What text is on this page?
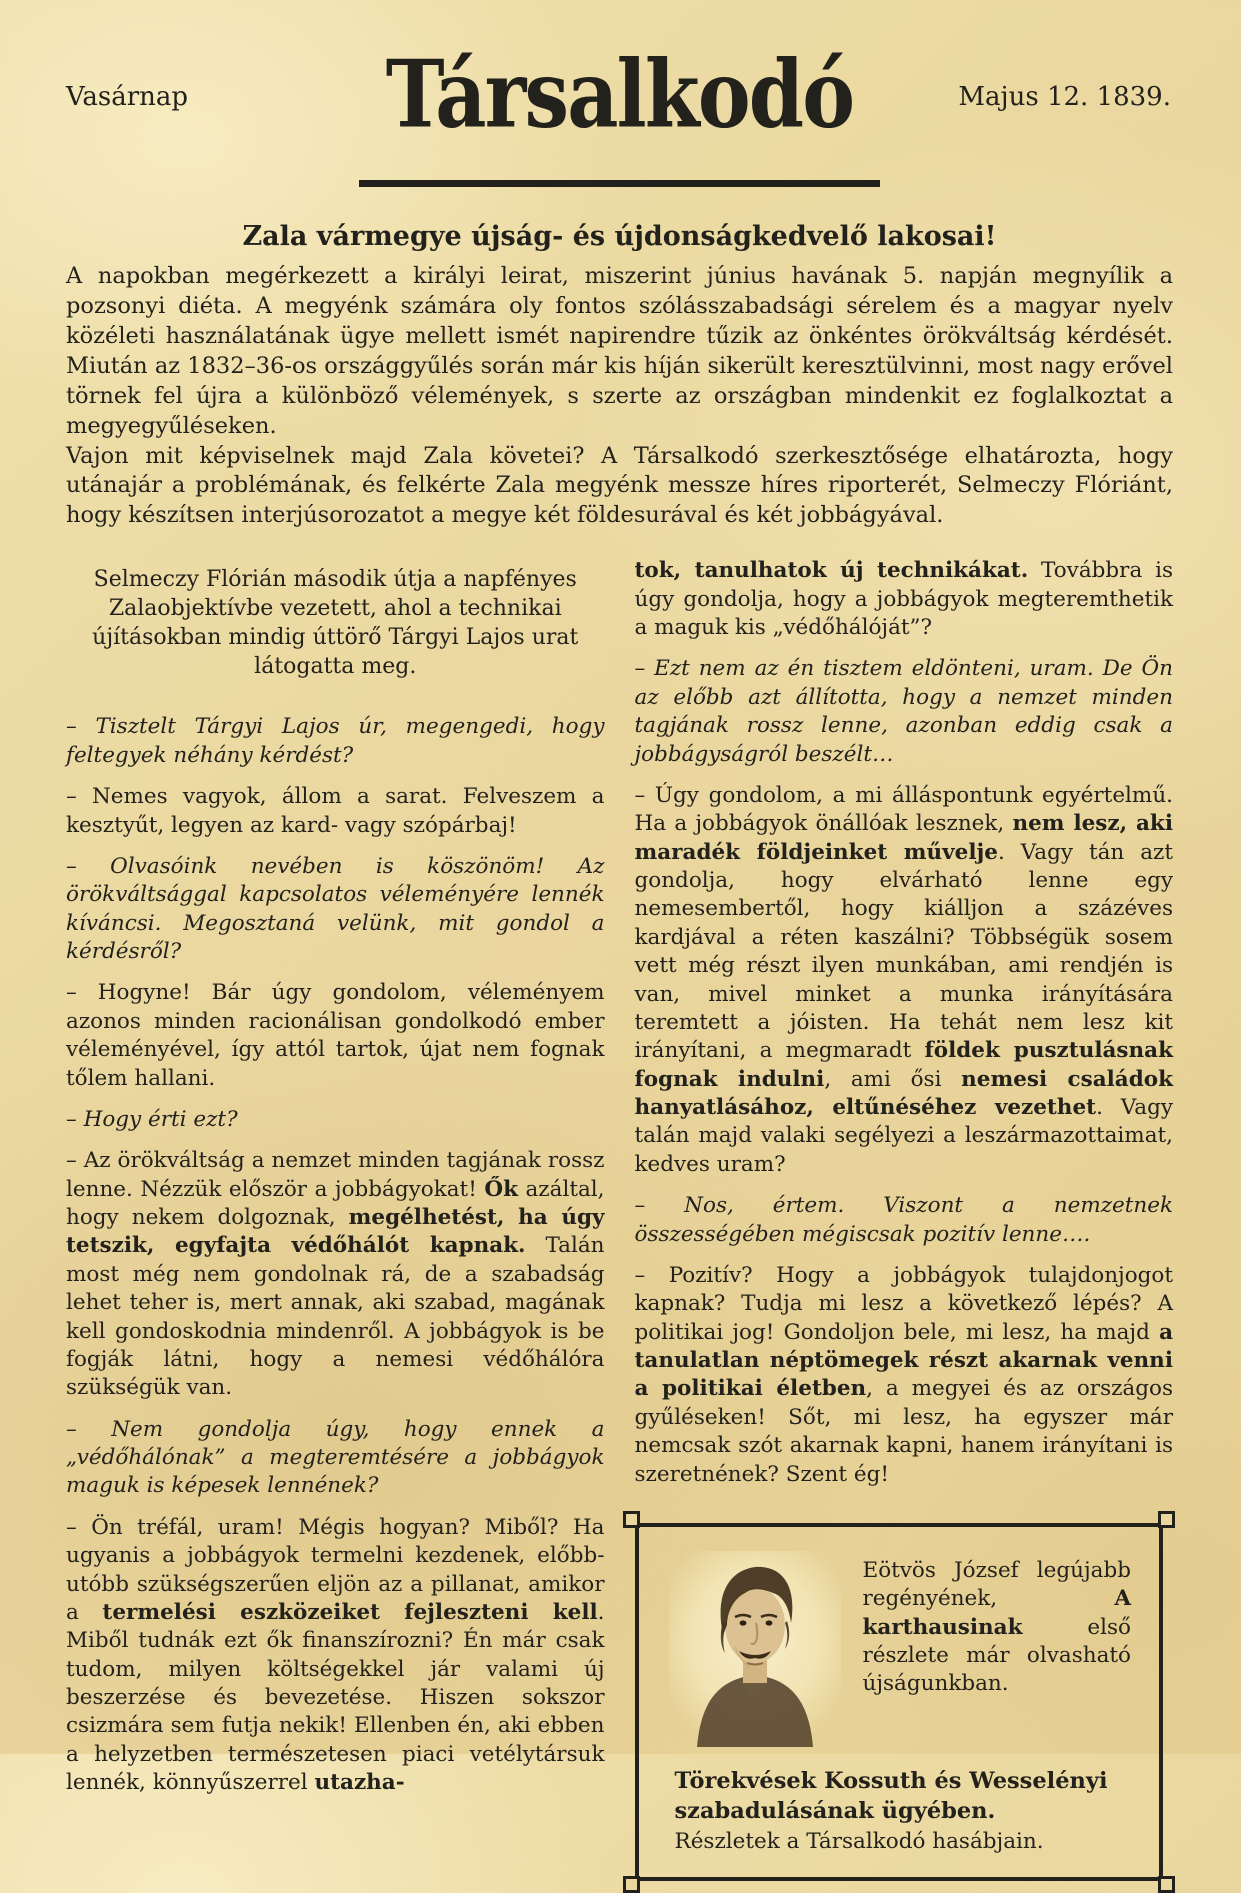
Vasárnap	Társalkodó	Majus 12. 1839.
Zala vármegye újság- és újdonságkedvelő lakosai!

A napokban megérkezett a királyi leirat, miszerint június havának 5. napján megnyílik a pozsonyi diéta. A megyénk számára oly fontos szólásszabadsági sérelem és a magyar nyelv közéleti használatának ügye mellett ismét napirendre tűzik az önkéntes örökváltság kérdését. Miután az 1832–36-os országgyűlés során már kis híján sikerült keresztülvinni, most nagy erővel törnek fel újra a különböző vélemények, s szerte az országban mindenkit ez foglalkoztat a megyegyűléseken.

Vajon mit képviselnek majd Zala követei? A Társalkodó szerkesztősége elhatározta, hogy utánajár a problémának, és felkérte Zala megyénk messze híres riporterét, Selmeczy Flóriánt, hogy készítsen interjúsorozatot a megye két földesurával és két jobbágyával.

Selmeczy Flórián második útja a napfényes Zalaobjektívbe vezetett, ahol a technikai újításokban mindig úttörő Tárgyi Lajos urat látogatta meg.

– Tisztelt Tárgyi Lajos úr, megengedi, hogy feltegyek néhány kérdést?

– Nemes vagyok, állom a sarat. Felveszem a kesztyűt, legyen az kard- vagy szópárbaj!

– Olvasóink nevében is köszönöm! Az örökváltsággal kapcsolatos véleményére lennék kíváncsi. Megosztaná velünk, mit gondol a kérdésről?

– Hogyne! Bár úgy gondolom, véleményem azonos minden racionálisan gondolkodó ember véleményével, így attól tartok, újat nem fognak tőlem hallani.

– Hogy érti ezt?

– Az örökváltság a nemzet minden tagjának rossz lenne. Nézzük először a jobbágyokat! Ők azáltal, hogy nekem dolgoznak, megélhetést, ha úgy tetszik, egyfajta védőhálót kapnak. Talán most még nem gondolnak rá, de a szabadság lehet teher is, mert annak, aki szabad, magának kell gondoskodnia mindenről. A jobbágyok is be fogják látni, hogy a nemesi védőhálóra szükségük van.

– Nem gondolja úgy, hogy ennek a „védőhálónak” a megteremtésére a jobbágyok maguk is képesek lennének?

– Ön tréfál, uram! Mégis hogyan? Miből? Ha ugyanis a jobbágyok termelni kezdenek, előbb-utóbb szükségszerűen eljön az a pillanat, amikor a termelési eszközeiket fejleszteni kell. Miből tudnák ezt ők finanszírozni? Én már csak tudom, milyen költségekkel jár valami új beszerzése és bevezetése. Hiszen sokszor csizmára sem futja nekik! Ellenben én, aki ebben a helyzetben természetesen piaci vetélytársuk lennék, könnyűszerrel utazha-

tok, tanulhatok új technikákat. Továbbra is úgy gondolja, hogy a jobbágyok megteremthetik a maguk kis „védőhálóját”?

– Ezt nem az én tisztem eldönteni, uram. De Ön az előbb azt állította, hogy a nemzet minden tagjának rossz lenne, azonban eddig csak a jobbágyságról beszélt…

– Úgy gondolom, a mi álláspontunk egyértelmű. Ha a jobbágyok önállóak lesznek, nem lesz, aki maradék földjeinket művelje. Vagy tán azt gondolja, hogy elvárható lenne egy nemesembertől, hogy kiálljon a százéves kardjával a réten kaszálni? Többségük sosem vett még részt ilyen munkában, ami rendjén is van, mivel minket a munka irányítására teremtett a jóisten. Ha tehát nem lesz kit irányítani, a megmaradt földek pusztulásnak fognak indulni, ami ősi nemesi családok hanyatlásához, eltűnéséhez vezethet. Vagy talán majd valaki segélyezi a leszármazottaimat, kedves uram?

– Nos, értem. Viszont a nemzetnek összességében mégiscsak pozitív lenne….

– Pozitív? Hogy a jobbágyok tulajdonjogot kapnak? Tudja mi lesz a következő lépés? A politikai jog! Gondoljon bele, mi lesz, ha majd a tanulatlan néptömegek részt akarnak venni a politikai életben, a megyei és az országos gyűléseken! Sőt, mi lesz, ha egyszer már nemcsak szót akarnak kapni, hanem irányítani is szeretnének? Szent ég!

Eötvös József legújabb regényének, A karthausinak első részlete már olvasható újságunkban.

Törekvések Kossuth és Wesselényi szabadulásának ügyében.

Részletek a Társalkodó hasábjain.
